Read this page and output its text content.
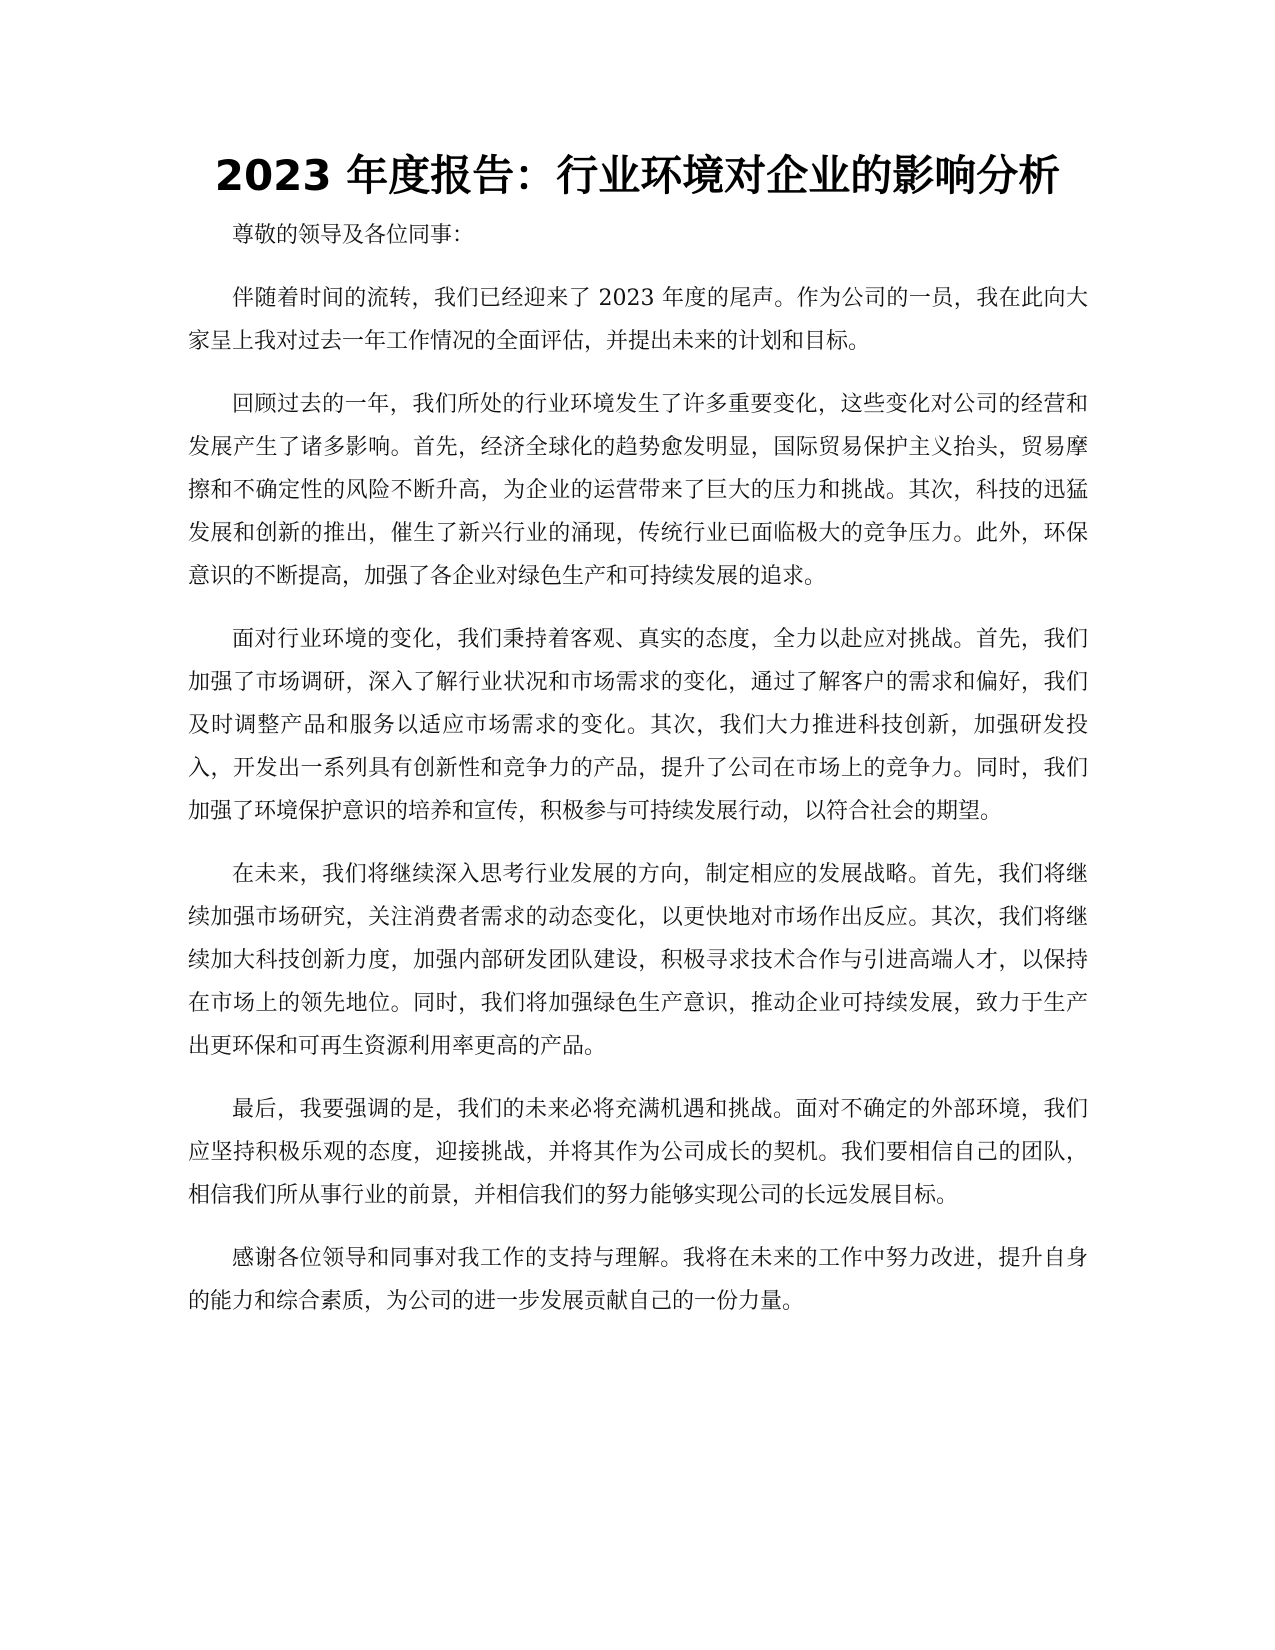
2023 年度报告：行业环境对企业的影响分析

尊敬的领导及各位同事：

伴随着时间的流转，我们已经迎来了 2023 年度的尾声。作为公司的一员，我在此向大家呈上我对过去一年工作情况的全面评估，并提出未来的计划和目标。

回顾过去的一年，我们所处的行业环境发生了许多重要变化，这些变化对公司的经营和发展产生了诸多影响。首先，经济全球化的趋势愈发明显，国际贸易保护主义抬头，贸易摩擦和不确定性的风险不断升高，为企业的运营带来了巨大的压力和挑战。其次，科技的迅猛发展和创新的推出，催生了新兴行业的涌现，传统行业已面临极大的竞争压力。此外，环保意识的不断提高，加强了各企业对绿色生产和可持续发展的追求。

面对行业环境的变化，我们秉持着客观、真实的态度，全力以赴应对挑战。首先，我们加强了市场调研，深入了解行业状况和市场需求的变化，通过了解客户的需求和偏好，我们及时调整产品和服务以适应市场需求的变化。其次，我们大力推进科技创新，加强研发投入，开发出一系列具有创新性和竞争力的产品，提升了公司在市场上的竞争力。同时，我们加强了环境保护意识的培养和宣传，积极参与可持续发展行动，以符合社会的期望。

在未来，我们将继续深入思考行业发展的方向，制定相应的发展战略。首先，我们将继续加强市场研究，关注消费者需求的动态变化，以更快地对市场作出反应。其次，我们将继续加大科技创新力度，加强内部研发团队建设，积极寻求技术合作与引进高端人才，以保持在市场上的领先地位。同时，我们将加强绿色生产意识，推动企业可持续发展，致力于生产出更环保和可再生资源利用率更高的产品。

最后，我要强调的是，我们的未来必将充满机遇和挑战。面对不确定的外部环境，我们应坚持积极乐观的态度，迎接挑战，并将其作为公司成长的契机。我们要相信自己的团队，相信我们所从事行业的前景，并相信我们的努力能够实现公司的长远发展目标。

感谢各位领导和同事对我工作的支持与理解。我将在未来的工作中努力改进，提升自身的能力和综合素质，为公司的进一步发展贡献自己的一份力量。
